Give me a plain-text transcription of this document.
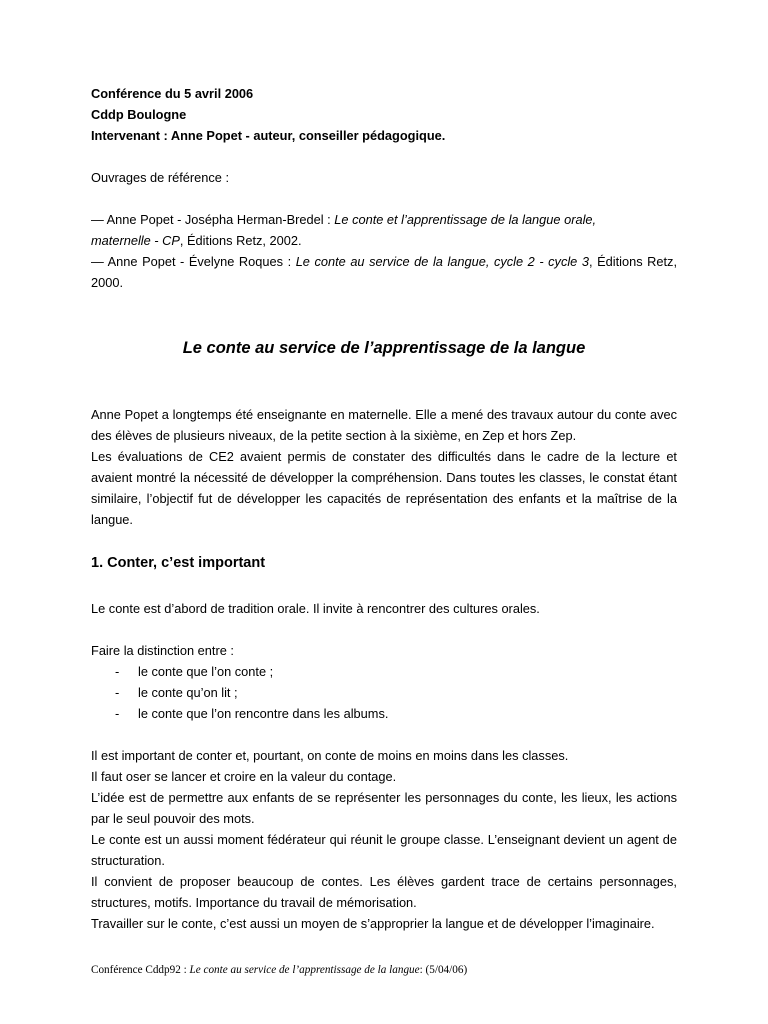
Conférence du 5 avril 2006
Cddp Boulogne
Intervenant : Anne Popet - auteur, conseiller pédagogique.
Ouvrages de référence :
— Anne Popet - Josépha Herman-Bredel : Le conte et l’apprentissage de la langue orale,
maternelle - CP, Éditions Retz, 2002.
— Anne Popet - Évelyne Roques : Le conte au service de la langue, cycle 2 - cycle 3, Éditions Retz,
2000.
Le conte au service de l’apprentissage de la langue
Anne Popet a longtemps été enseignante en maternelle. Elle a mené des travaux autour du conte avec des élèves de plusieurs niveaux, de la petite section à la sixième, en Zep et hors Zep.
Les évaluations de CE2 avaient permis de constater des difficultés dans le cadre de la lecture et avaient montré la nécessité de développer la compréhension. Dans toutes les classes, le constat étant similaire, l’objectif fut de développer les capacités de représentation des enfants et la maîtrise de la langue.
1. Conter, c’est important
Le conte est d’abord de tradition orale. Il invite à rencontrer des cultures orales.
Faire la distinction entre :
- le conte que l’on conte ;
- le conte qu’on lit ;
- le conte que l’on rencontre dans les albums.
Il est important de conter et, pourtant, on conte de moins en moins dans les classes.
Il faut oser se lancer et croire en la valeur du contage.
L’idée est de permettre aux enfants de se représenter les personnages du conte, les lieux, les actions par le seul pouvoir des mots.
Le conte est un aussi moment fédérateur qui réunit le groupe classe. L’enseignant devient un agent de structuration.
Il convient de proposer beaucoup de contes. Les élèves gardent trace de certains personnages, structures, motifs. Importance du travail de mémorisation.
Travailler sur le conte, c’est aussi un moyen de s’approprier la langue et de développer l’imaginaire.
Conférence Cddp92 : Le conte au service de l’apprentissage de la langue: (5/04/06)
